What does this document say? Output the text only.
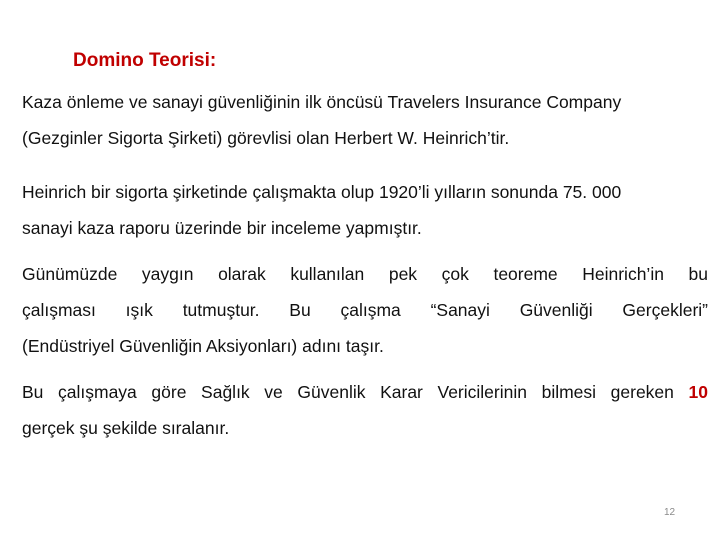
Domino Teorisi:
Kaza önleme ve sanayi güvenliğinin ilk öncüsü Travelers Insurance Company
(Gezginler Sigorta Şirketi) görevlisi olan Herbert W. Heinrich’tir.
Heinrich bir sigorta şirketinde çalışmakta olup 1920’li yılların sonunda 75. 000
sanayi kaza raporu üzerinde bir inceleme yapmıştır.
Günümüzde yaygın olarak kullanılan pek çok teoreme Heinrich’in bu
çalışması ışık tutmuştur. Bu çalışma “Sanayi Güvenliği Gerçekleri”
(Endüstriyel Güvenliğin Aksiyonları) adını taşır.
Bu çalışmaya göre Sağlık ve Güvenlik Karar Vericilerinin bilmesi gereken 10
gerçek şu şekilde sıralanır.
12
